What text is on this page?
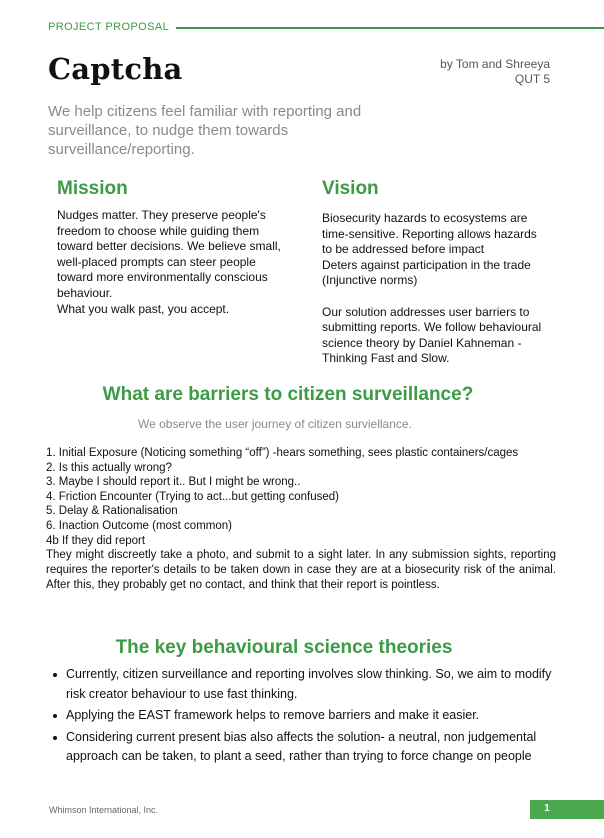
PROJECT PROPOSAL
Captcha	by Tom and Shreeya
QUT 5
We help citizens feel familiar with reporting and surveillance, to nudge them towards surveillance/reporting.
Mission
Nudges matter. They preserve people's
freedom to choose while guiding them
toward better decisions. We believe small,
well-placed prompts can steer people
toward more environmentally conscious
behaviour.
What you walk past, you accept.
Vision
Biosecurity hazards to ecosystems are
time-sensitive. Reporting allows hazards
to be addressed before impact
Deters against participation in the trade
(Injunctive norms)
Our solution addresses user barriers to
submitting reports. We follow behavioural
science theory by Daniel Kahneman -
Thinking Fast and Slow.
What are barriers to citizen surveillance?
We observe the user journey of citizen surviellance.
1. Initial Exposure (Noticing something “off”) -hears something, sees plastic containers/cages
2. Is this actually wrong?
3. Maybe I should report it.. But I might be wrong..
4. Friction Encounter (Trying to act...but getting confused)
5. Delay & Rationalisation
6. Inaction Outcome (most common)
4b If they did report
They might discreetly take a photo, and submit to a sight later. In any submission sights, reporting requires the reporter's details to be taken down in case they are at a biosecurity risk of the animal. After this, they probably get no contact, and think that their report is pointless.
The key behavioural science theories
Currently, citizen surveillance and reporting involves slow thinking. So, we aim to modify risk creator behaviour to use fast thinking.
Applying the EAST framework helps to remove barriers and make it easier.
Considering current present bias also affects the solution- a neutral, non judgemental approach can be taken, to plant a seed, rather than trying to force change on people
Whimson International, Inc.	1
